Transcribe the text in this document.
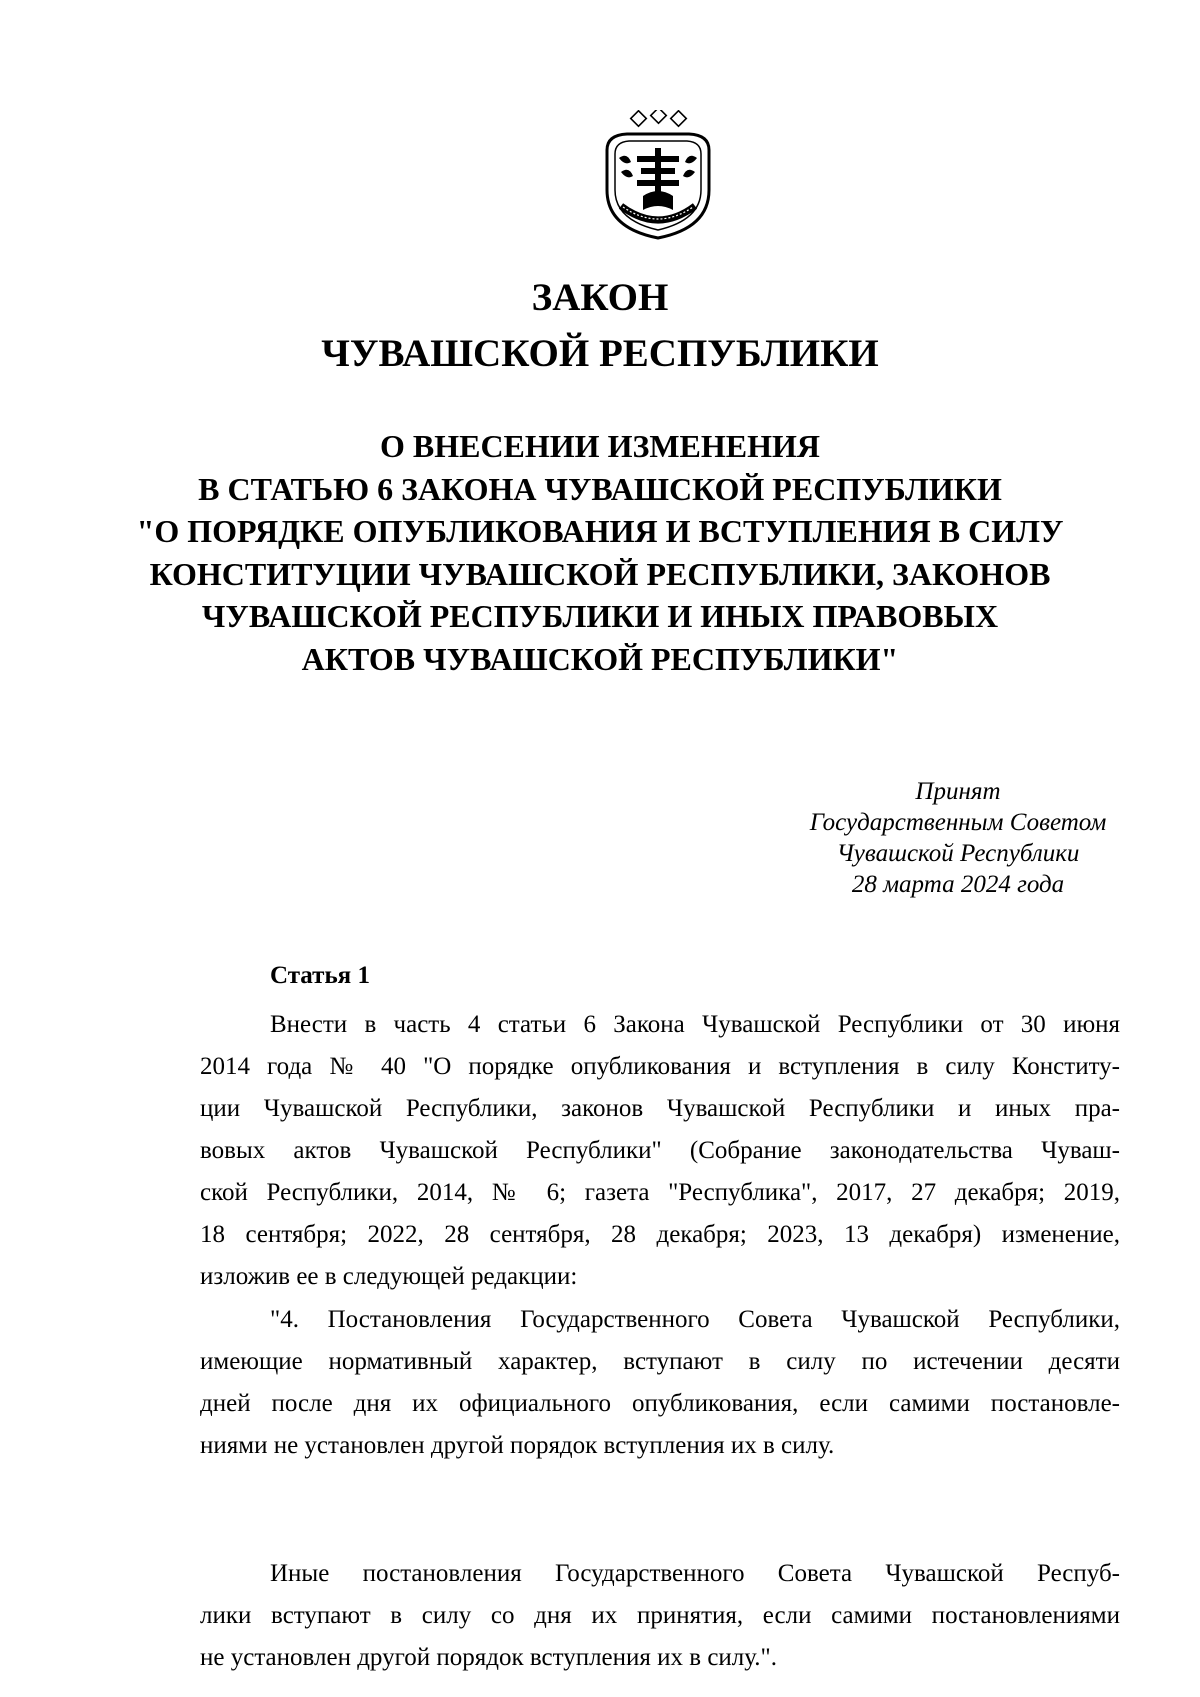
ЗАКОН
ЧУВАШСКОЙ РЕСПУБЛИКИ
О ВНЕСЕНИИ ИЗМЕНЕНИЯ
В СТАТЬЮ 6 ЗАКОНА ЧУВАШСКОЙ РЕСПУБЛИКИ
"О ПОРЯДКЕ ОПУБЛИКОВАНИЯ И ВСТУПЛЕНИЯ В СИЛУ
КОНСТИТУЦИИ ЧУВАШСКОЙ РЕСПУБЛИКИ, ЗАКОНОВ
ЧУВАШСКОЙ РЕСПУБЛИКИ И ИНЫХ ПРАВОВЫХ
АКТОВ ЧУВАШСКОЙ РЕСПУБЛИКИ"
Принят
Государственным Советом
Чувашской Республики
28 марта 2024 года
Статья 1
Внести в часть 4 статьи 6 Закона Чувашской Республики от 30 июня
2014 года № 40 "О порядке опубликования и вступления в силу Конститу-
ции Чувашской Республики, законов Чувашской Республики и иных пра-
вовых актов Чувашской Республики" (Собрание законодательства Чуваш-
ской Республики, 2014, № 6; газета "Республика", 2017, 27 декабря; 2019,
18 сентября; 2022, 28 сентября, 28 декабря; 2023, 13 декабря) изменение,
изложив ее в следующей редакции:
"4. Постановления Государственного Совета Чувашской Республики,
имеющие нормативный характер, вступают в силу по истечении десяти
дней после дня их официального опубликования, если самими постановле-
ниями не установлен другой порядок вступления их в силу.
Иные постановления Государственного Совета Чувашской Респуб-
лики вступают в силу со дня их принятия, если самими постановлениями
не установлен другой порядок вступления их в силу.".
